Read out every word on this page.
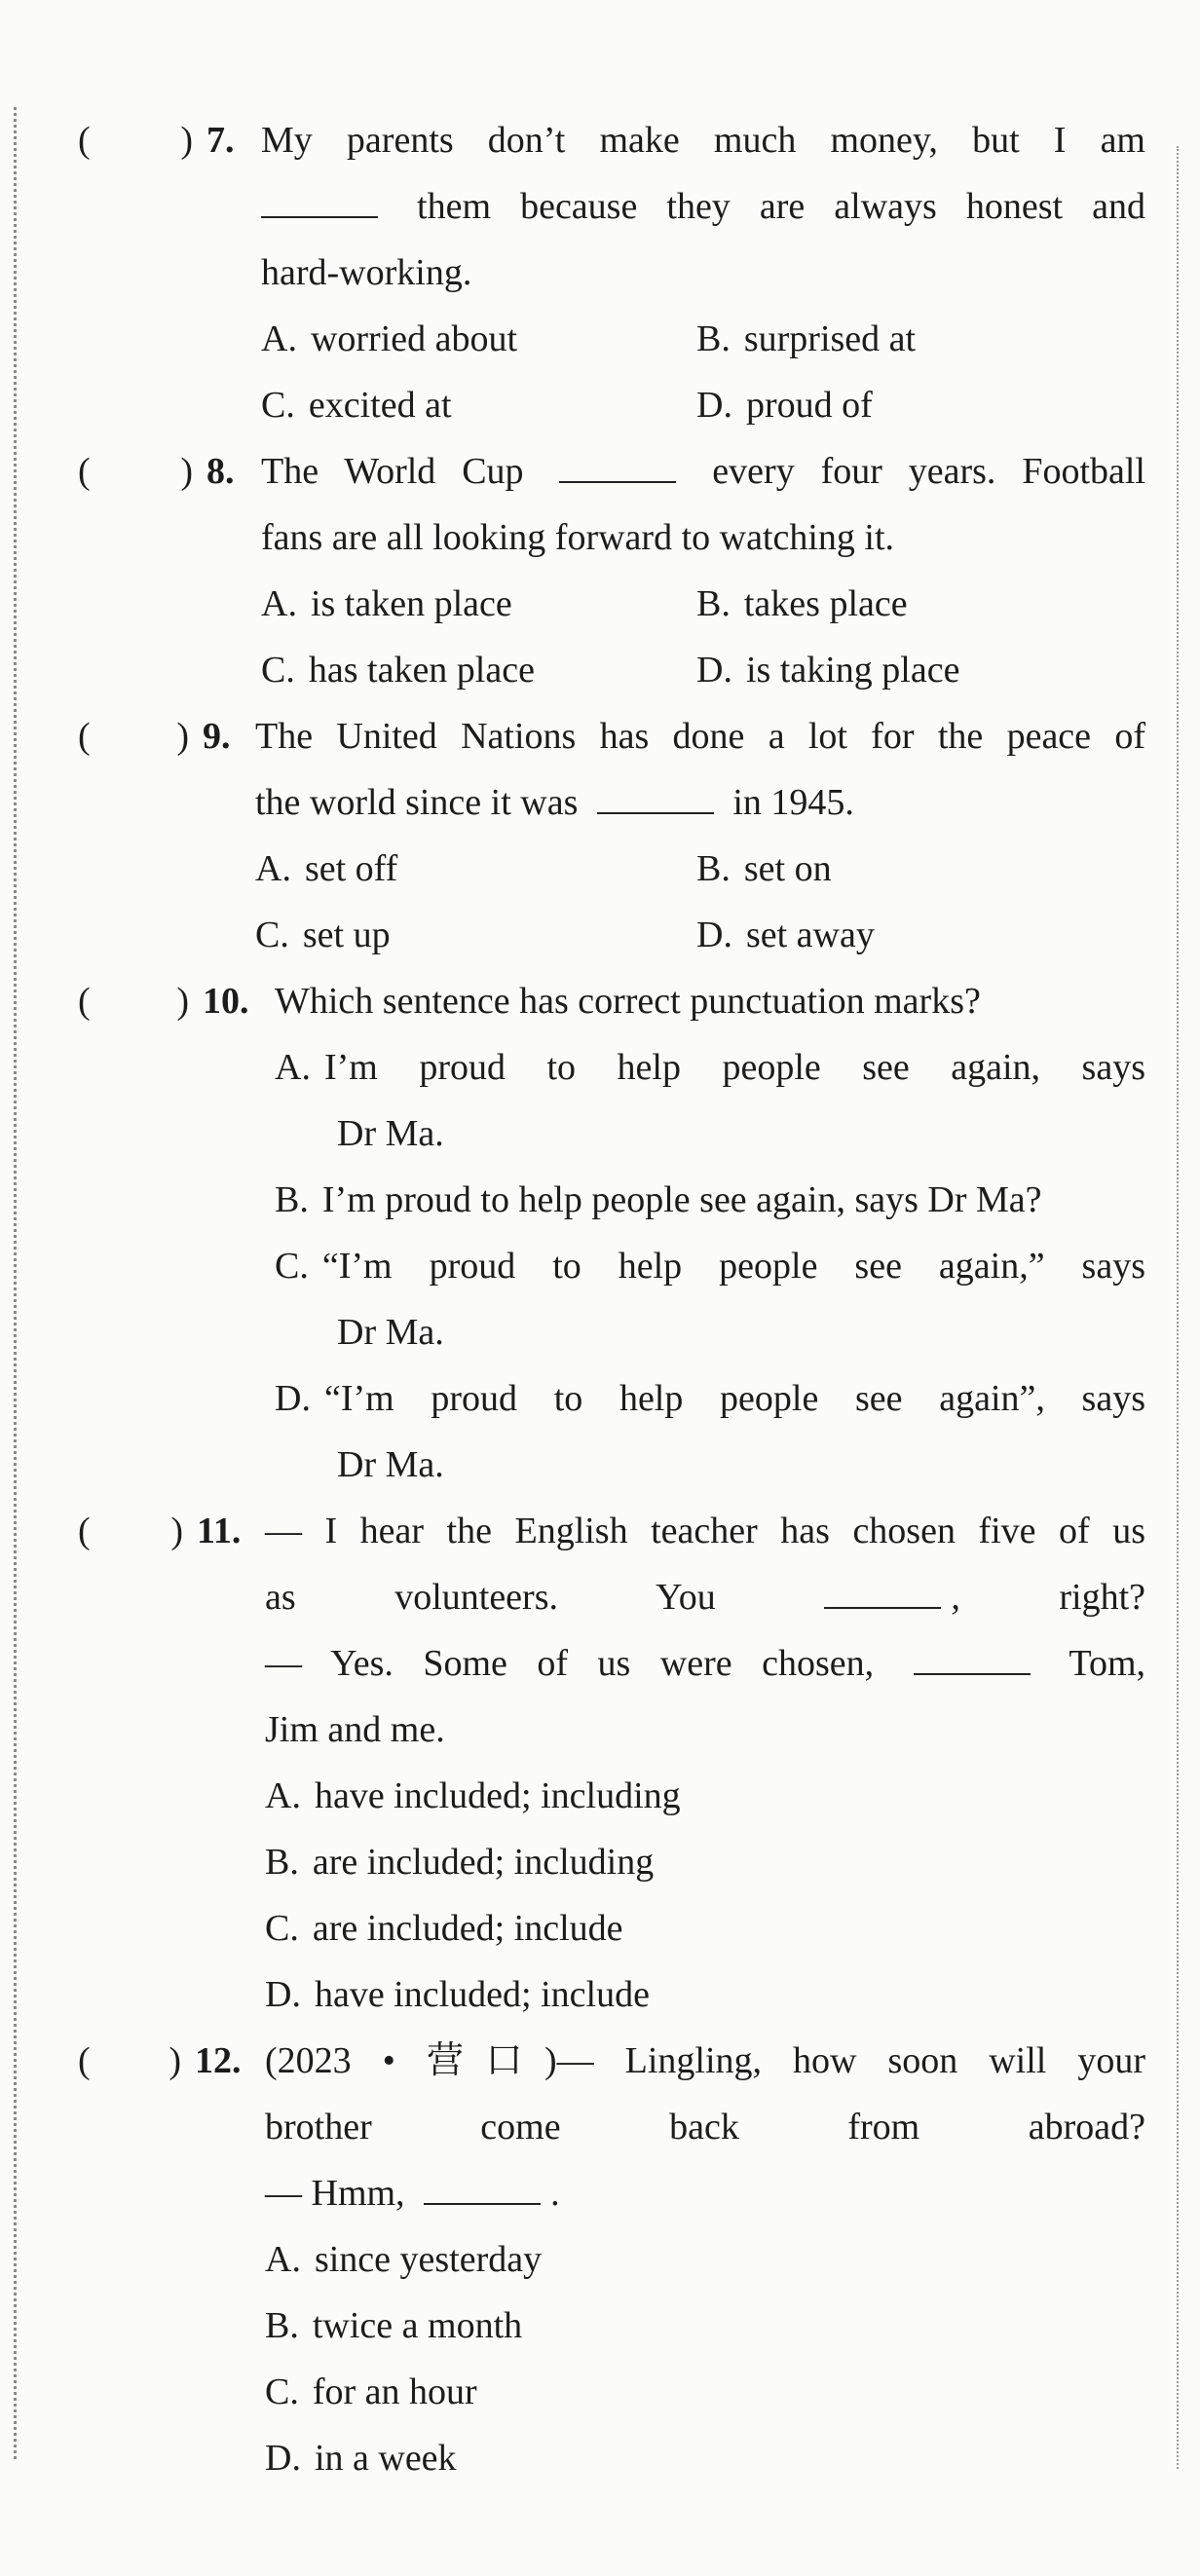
( ) 7. My parents don’t make much money, but I am
them because they are always honest and
hard-working.
A. worried about	B. surprised at
C. excited at	D. proud of
( ) 8. The World Cup	every four years. Football
fans are all looking forward to watching it.
A. is taken place	B. takes place
C. has taken place	D. is taking place
( ) 9. The United Nations has done a lot for the peace of
the world since it was	in 1945.
A. set off	B. set on
C. set up	D. set away
( ) 10. Which sentence has correct punctuation marks?
A. I’m proud to help people see again, says
Dr Ma.
B. I’m proud to help people see again, says Dr Ma?
C. “I’m proud to help people see again,” says
Dr Ma.
D. “I’m proud to help people see again”, says
Dr Ma.
( ) 11. — I hear the English teacher has chosen five of us
as volunteers. You	, right?
— Yes. Some of us were chosen,	Tom,
Jim and me.
A. have included; including
B. are included; including
C. are included; include
D. have included; include
( ) 12. (2023 • 营口)— Lingling, how soon will your
brother come back from abroad?
— Hmm,	.
A. since yesterday
B. twice a month
C. for an hour
D. in a week
